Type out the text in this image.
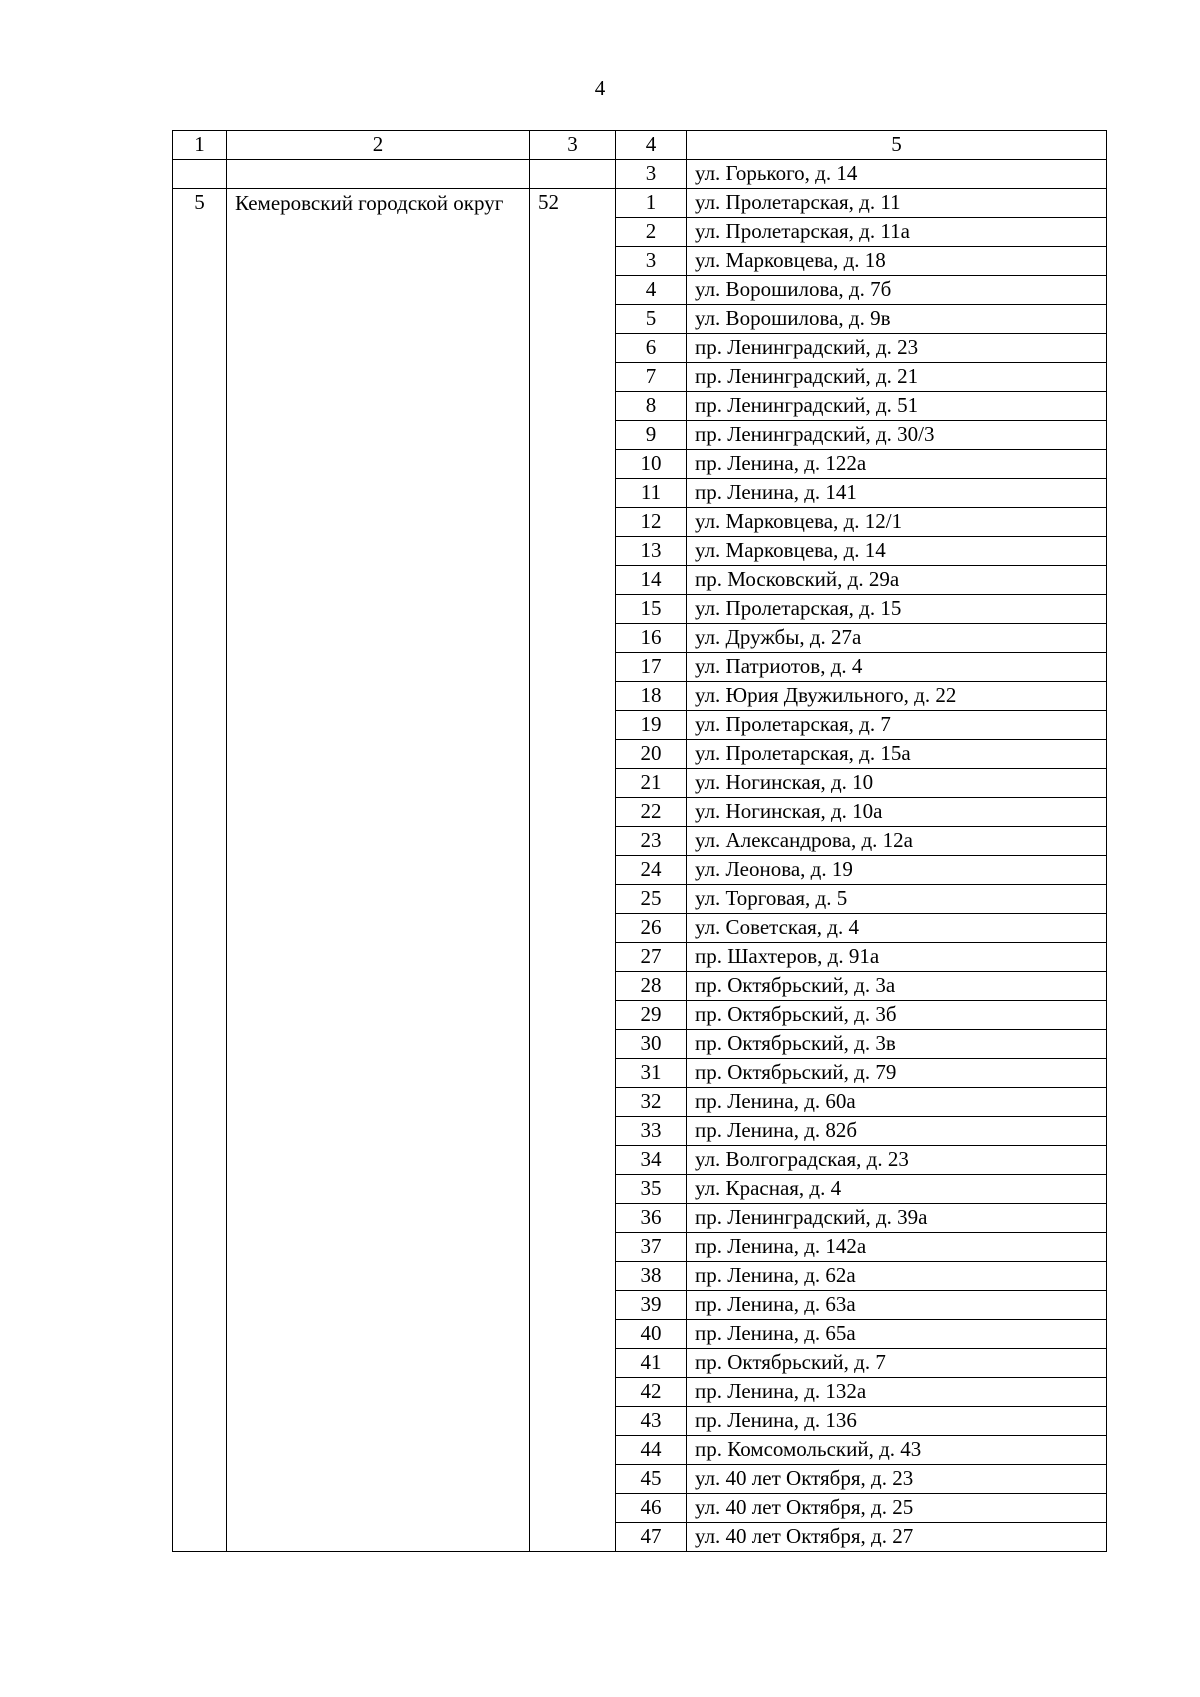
4
1	2	3	4	5
			3	ул. Горького, д. 14
5	Кемеровский городской округ	52	1	ул. Пролетарская, д. 11
			2	ул. Пролетарская, д. 11а
			3	ул. Марковцева, д. 18
			4	ул. Ворошилова, д. 7б
			5	ул. Ворошилова, д. 9в
			6	пр. Ленинградский, д. 23
			7	пр. Ленинградский, д. 21
			8	пр. Ленинградский, д. 51
			9	пр. Ленинградский, д. 30/3
			10	пр. Ленина, д. 122а
			11	пр. Ленина, д. 141
			12	ул. Марковцева, д. 12/1
			13	ул. Марковцева, д. 14
			14	пр. Московский, д. 29а
			15	ул. Пролетарская, д. 15
			16	ул. Дружбы, д. 27а
			17	ул. Патриотов, д. 4
			18	ул. Юрия Двужильного, д. 22
			19	ул. Пролетарская, д. 7
			20	ул. Пролетарская, д. 15а
			21	ул. Ногинская, д. 10
			22	ул. Ногинская, д. 10а
			23	ул. Александрова, д. 12а
			24	ул. Леонова, д. 19
			25	ул. Торговая, д. 5
			26	ул. Советская, д. 4
			27	пр. Шахтеров, д. 91а
			28	пр. Октябрьский, д. 3а
			29	пр. Октябрьский, д. 3б
			30	пр. Октябрьский, д. 3в
			31	пр. Октябрьский, д. 79
			32	пр. Ленина, д. 60а
			33	пр. Ленина, д. 82б
			34	ул. Волгоградская, д. 23
			35	ул. Красная, д. 4
			36	пр. Ленинградский, д. 39а
			37	пр. Ленина, д. 142а
			38	пр. Ленина, д. 62а
			39	пр. Ленина, д. 63а
			40	пр. Ленина, д. 65а
			41	пр. Октябрьский, д. 7
			42	пр. Ленина, д. 132а
			43	пр. Ленина, д. 136
			44	пр. Комсомольский, д. 43
			45	ул. 40 лет Октября, д. 23
			46	ул. 40 лет Октября, д. 25
			47	ул. 40 лет Октября, д. 27
